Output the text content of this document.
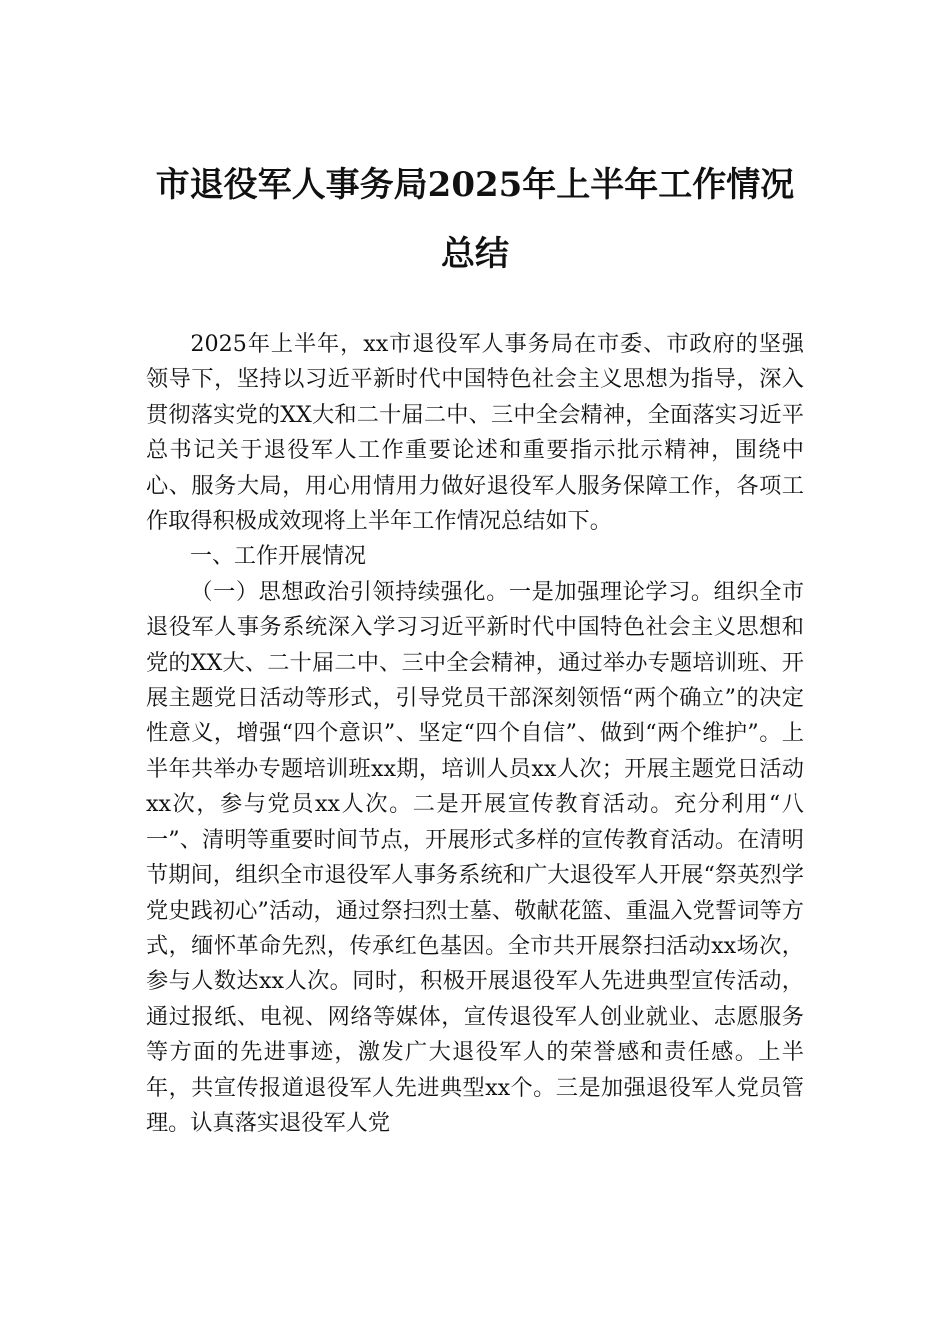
市退役军人事务局2025年上半年工作情况
总结

2025年上半年，xx市退役军人事务局在市委、市政府的坚强领导下，坚持以习近平新时代中国特色社会主义思想为指导，深入贯彻落实党的XX大和二十届二中、三中全会精神，全面落实习近平总书记关于退役军人工作重要论述和重要指示批示精神，围绕中心、服务大局，用心用情用力做好退役军人服务保障工作，各项工作取得积极成效现将上半年工作情况总结如下。

一、工作开展情况

（一）思想政治引领持续强化。一是加强理论学习。组织全市退役军人事务系统深入学习习近平新时代中国特色社会主义思想和党的XX大、二十届二中、三中全会精神，通过举办专题培训班、开展主题党日活动等形式，引导党员干部深刻领悟“两个确立”的决定性意义，增强“四个意识”、坚定“四个自信”、做到“两个维护”。上半年共举办专题培训班xx期，培训人员xx人次；开展主题党日活动xx次，参与党员xx人次。二是开展宣传教育活动。充分利用“八一”、清明等重要时间节点，开展形式多样的宣传教育活动。在清明节期间，组织全市退役军人事务系统和广大退役军人开展“祭英烈学党史践初心”活动，通过祭扫烈士墓、敬献花篮、重温入党誓词等方式，缅怀革命先烈，传承红色基因。全市共开展祭扫活动xx场次，参与人数达xx人次。同时，积极开展退役军人先进典型宣传活动，通过报纸、电视、网络等媒体，宣传退役军人创业就业、志愿服务等方面的先进事迹，激发广大退役军人的荣誉感和责任感。上半年，共宣传报道退役军人先进典型xx个。三是加强退役军人党员管理。认真落实退役军人党
